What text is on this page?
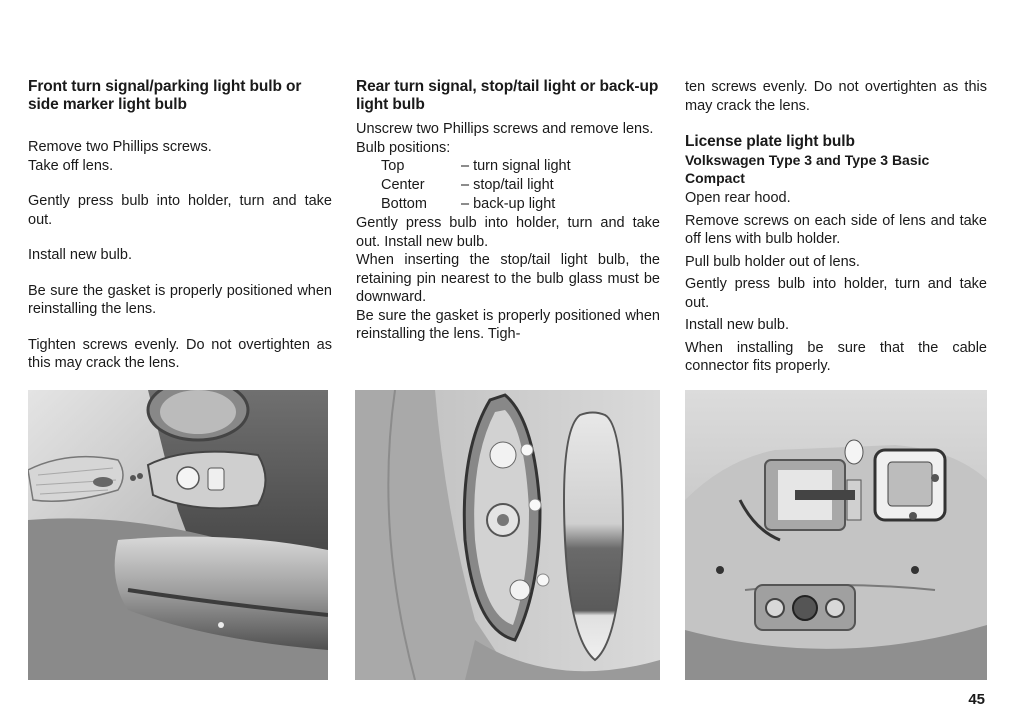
Front turn signal/parking light bulb or side marker light bulb

Remove two Phillips screws.

Take off lens.

Gently press bulb into holder, turn and take out.

Install new bulb.

Be sure the gasket is properly positioned when reinstalling the lens.

Tighten screws evenly. Do not overtighten as this may crack the lens.

Rear turn signal, stop/tail light or back-up light bulb

Unscrew two Phillips screws and remove lens.

Bulb positions:

Top	– turn signal light
Center	– stop/tail light
Bottom	– back-up light

Gently press bulb into holder, turn and take out. Install new bulb.

When inserting the stop/tail light bulb, the retaining pin nearest to the bulb glass must be downward.

Be sure the gasket is properly positioned when reinstalling the lens. Tigh-

ten screws evenly. Do not overtighten as this may crack the lens.

License plate light bulb
Volkswagen Type 3 and Type 3 Basic Compact

Open rear hood.

Remove screws on each side of lens and take off lens with bulb holder.

Pull bulb holder out of lens.

Gently press bulb into holder, turn and take out.

Install new bulb.

When installing be sure that the cable connector fits properly.

45
